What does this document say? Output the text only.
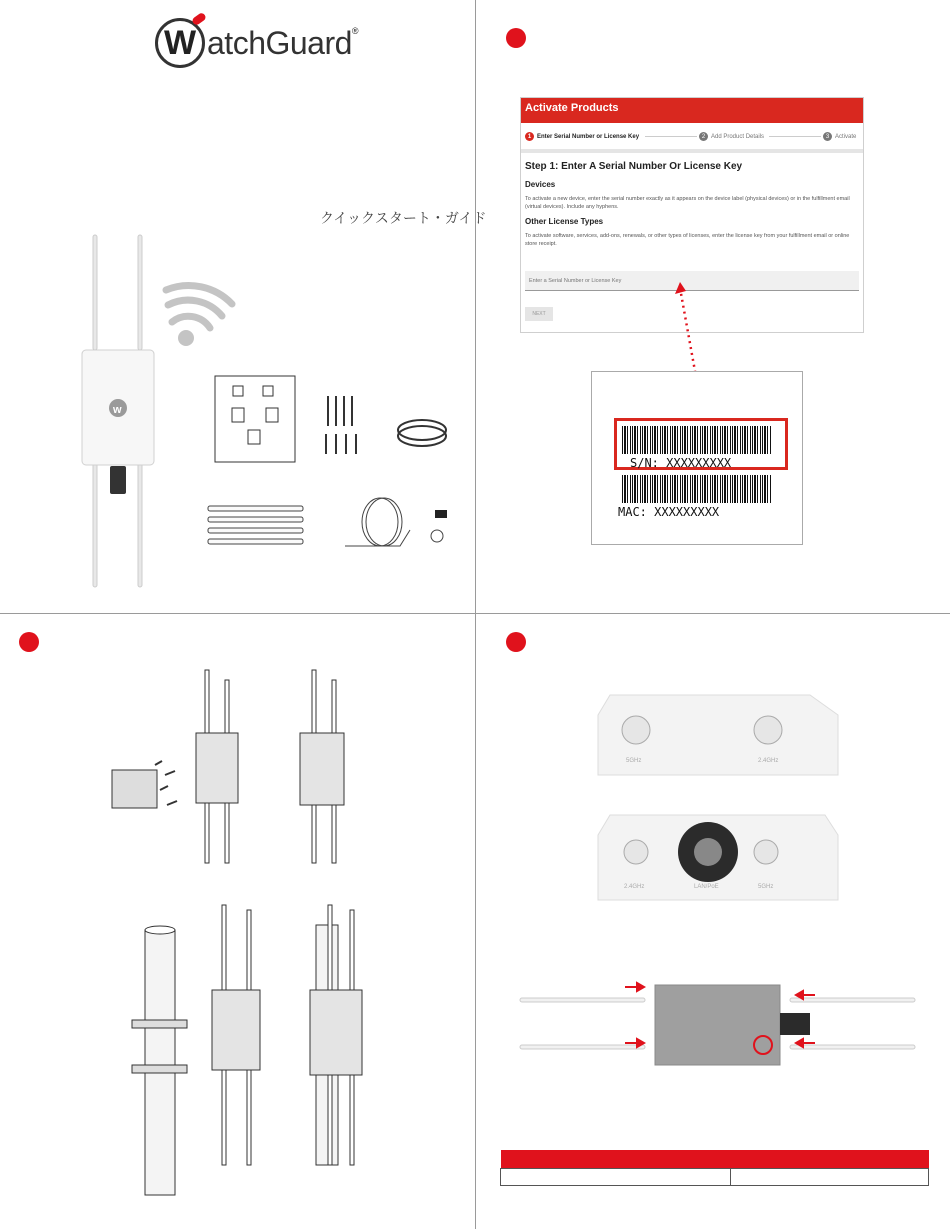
W atchGuard ®
クイックスタート・ガイド
w
Activate Products
1 Enter Serial Number or License Key	2 Add Product Details	3 Activate

Step 1: Enter A Serial Number Or License Key

Devices

To activate a new device, enter the serial number exactly as it appears on the device label (physical devices) or in the fulfillment email (virtual devices). Include any hyphens.

Other License Types

To activate software, services, add-ons, renewals, or other types of licenses, enter the license key from your fulfillment email or online store receipt.

Enter a Serial Number or License Key
NEXT
S/N: XXXXXXXXX
MAC: XXXXXXXXX
5GHz	2.4GHz
2.4GHz	LAN/PoE	5GHz
